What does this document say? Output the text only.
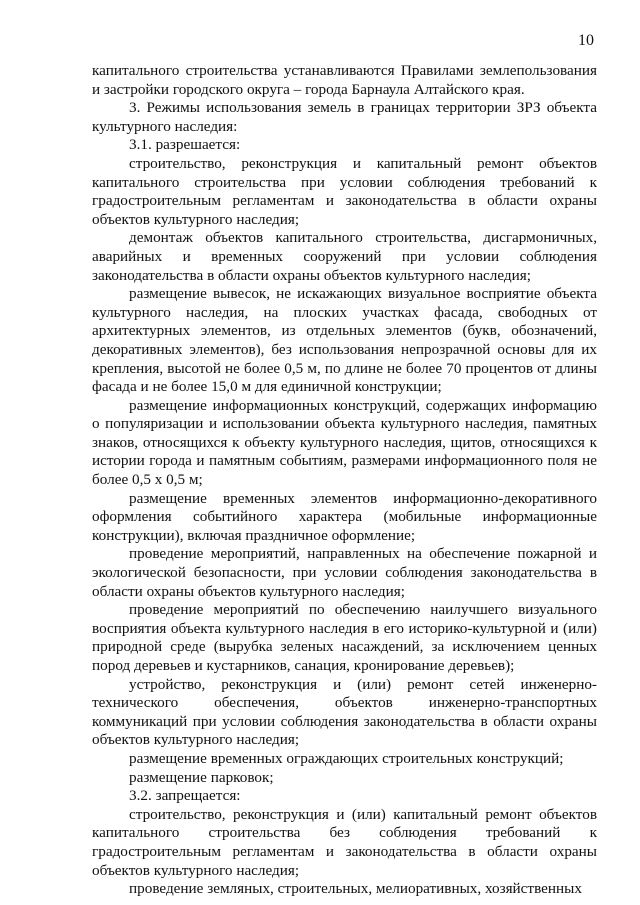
10

капитального строительства устанавливаются Правилами землепользования и застройки городского округа – города Барнаула Алтайского края.

3. Режимы использования земель в границах территории ЗРЗ объекта культурного наследия:

3.1. разрешается:

строительство, реконструкция и капитальный ремонт объектов капитального строительства при условии соблюдения требований к градостроительным регламентам и законодательства в области охраны объектов культурного наследия;

демонтаж объектов капитального строительства, дисгармоничных, аварийных и временных сооружений при условии соблюдения законодательства в области охраны объектов культурного наследия;

размещение вывесок, не искажающих визуальное восприятие объекта культурного наследия, на плоских участках фасада, свободных от архитектурных элементов, из отдельных элементов (букв, обозначений, декоративных элементов), без использования непрозрачной основы для их крепления, высотой не более 0,5 м, по длине не более 70 процентов от длины фасада и не более 15,0 м для единичной конструкции;

размещение информационных конструкций, содержащих информацию о популяризации и использовании объекта культурного наследия, памятных знаков, относящихся к объекту культурного наследия, щитов, относящихся к истории города и памятным событиям, размерами информационного поля не более 0,5 х 0,5 м;

размещение временных элементов информационно-декоративного оформления событийного характера (мобильные информационные конструкции), включая праздничное оформление;

проведение мероприятий, направленных на обеспечение пожарной и экологической безопасности, при условии соблюдения законодательства в области охраны объектов культурного наследия;

проведение мероприятий по обеспечению наилучшего визуального восприятия объекта культурного наследия в его историко-культурной и (или) природной среде (вырубка зеленых насаждений, за исключением ценных пород деревьев и кустарников, санация, кронирование деревьев);

устройство, реконструкция и (или) ремонт сетей инженерно-технического обеспечения, объектов инженерно-транспортных коммуникаций при условии соблюдения законодательства в области охраны объектов культурного наследия;

размещение временных ограждающих строительных конструкций;

размещение парковок;

3.2. запрещается:

строительство, реконструкция и (или) капитальный ремонт объектов капитального строительства без соблюдения требований к градостроительным регламентам и законодательства в области охраны объектов культурного наследия;

проведение земляных, строительных, мелиоративных, хозяйственных
